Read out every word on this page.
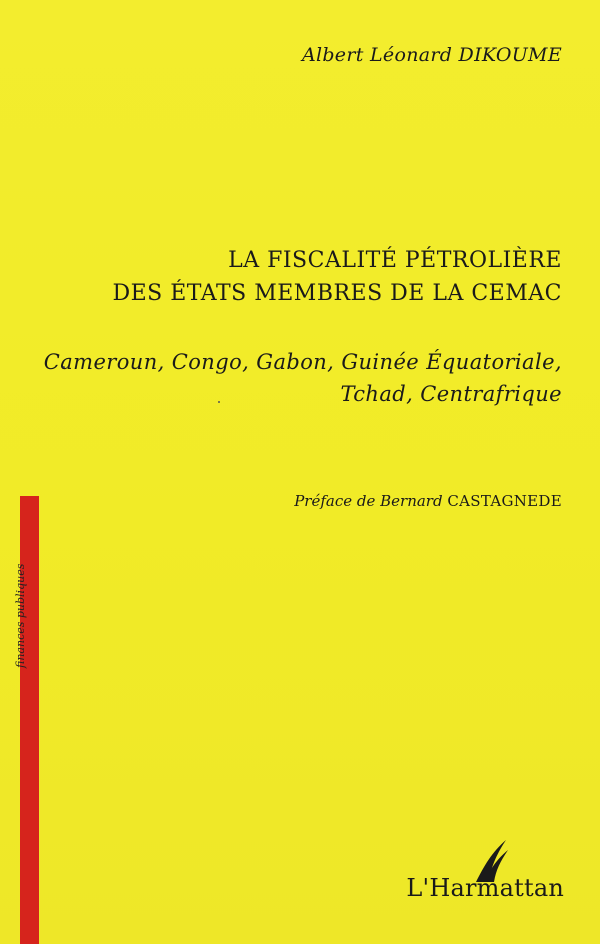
Albert Léonard DIKOUME
LA FISCALITÉ PÉTROLIÈRE
DES ÉTATS MEMBRES DE LA CEMAC
Cameroun, Congo, Gabon, Guinée Équatoriale,
Tchad, Centrafrique
Préface de Bernard CASTAGNEDE
finances publiques
L'Harmattan
